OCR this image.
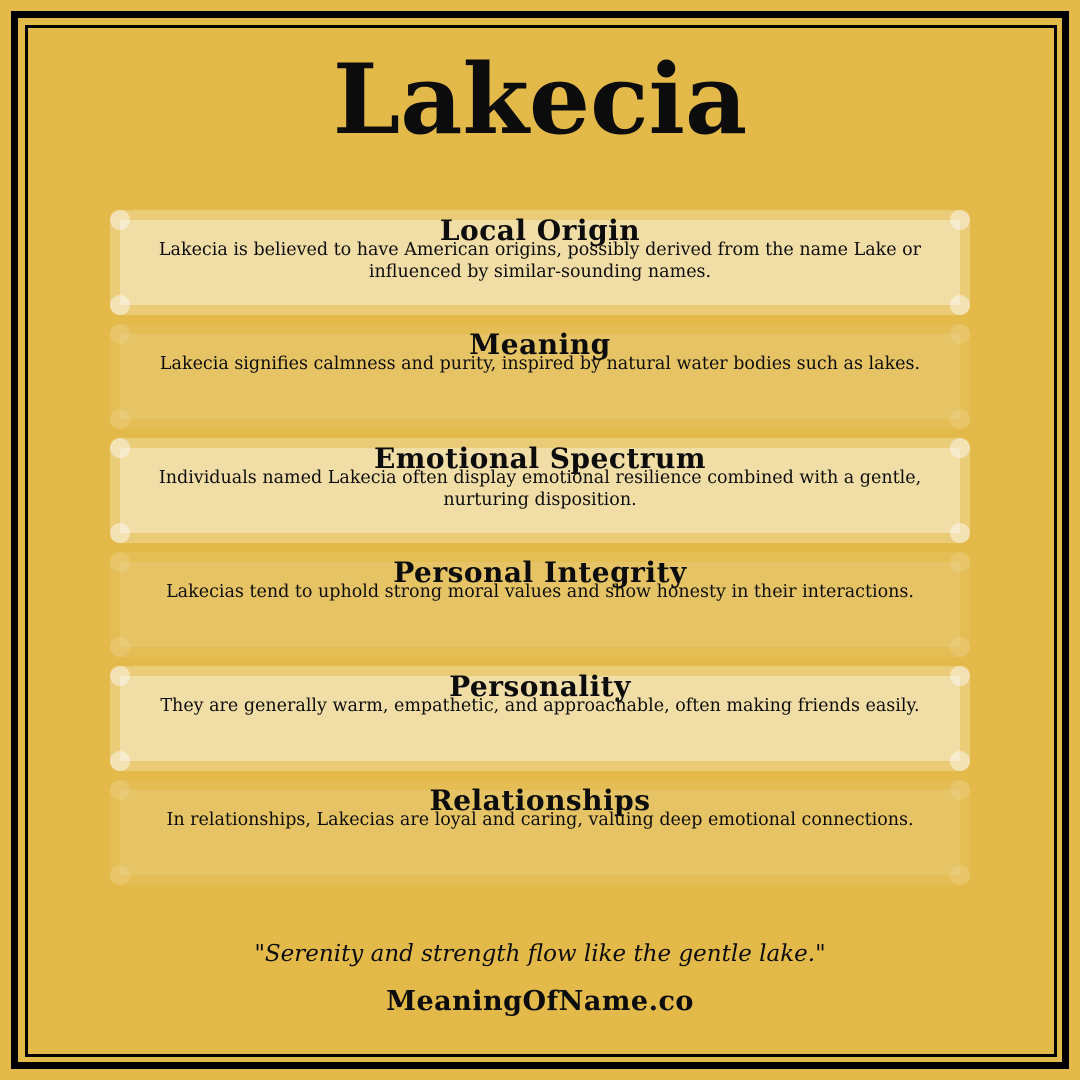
Lakecia
Local Origin

Lakecia is believed to have American origins, possibly derived from the name Lake or influenced by similar-sounding names.

Meaning

Lakecia signifies calmness and purity, inspired by natural water bodies such as lakes.

Emotional Spectrum

Individuals named Lakecia often display emotional resilience combined with a gentle, nurturing disposition.

Personal Integrity

Lakecias tend to uphold strong moral values and show honesty in their interactions.

Personality

They are generally warm, empathetic, and approachable, often making friends easily.

Relationships

In relationships, Lakecias are loyal and caring, valuing deep emotional connections.

"Serenity and strength flow like the gentle lake."
MeaningOfName.co
